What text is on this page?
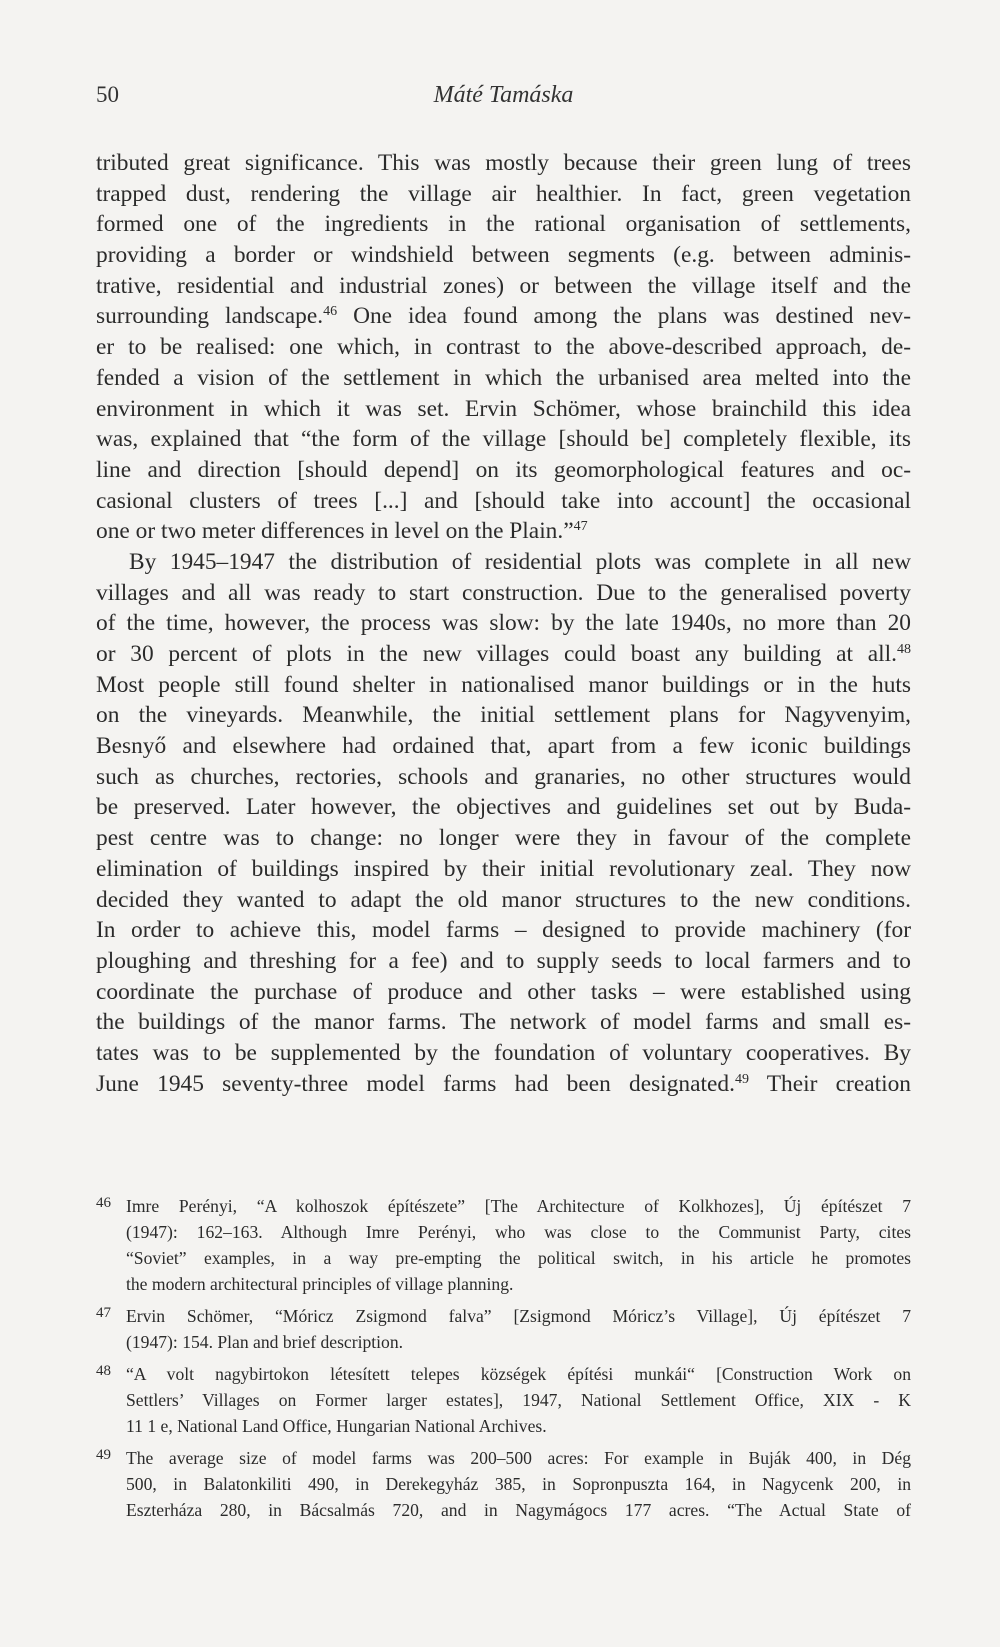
50	Máté Tamáska
tributed great significance. This was mostly because their green lung of trees
trapped dust, rendering the village air healthier. In fact, green vegetation
formed one of the ingredients in the rational organisation of settlements,
providing a border or windshield between segments (e.g. between adminis-
trative, residential and industrial zones) or between the village itself and the
surrounding landscape.$^{46}$ One idea found among the plans was destined nev-
er to be realised: one which, in contrast to the above-described approach, de-
fended a vision of the settlement in which the urbanised area melted into the
environment in which it was set. Ervin Schömer, whose brainchild this idea
was, explained that “the form of the village [should be] completely flexible, its
line and direction [should depend] on its geomorphological features and oc-
casional clusters of trees [...] and [should take into account] the occasional
one or two meter differences in level on the Plain.”$^{47}$
By 1945–1947 the distribution of residential plots was complete in all new
villages and all was ready to start construction. Due to the generalised poverty
of the time, however, the process was slow: by the late 1940s, no more than 20
or 30 percent of plots in the new villages could boast any building at all.$^{48}$
Most people still found shelter in nationalised manor buildings or in the huts
on the vineyards. Meanwhile, the initial settlement plans for Nagyvenyim,
Besnyő and elsewhere had ordained that, apart from a few iconic buildings
such as churches, rectories, schools and granaries, no other structures would
be preserved. Later however, the objectives and guidelines set out by Buda-
pest centre was to change: no longer were they in favour of the complete
elimination of buildings inspired by their initial revolutionary zeal. They now
decided they wanted to adapt the old manor structures to the new conditions.
In order to achieve this, model farms – designed to provide machinery (for
ploughing and threshing for a fee) and to supply seeds to local farmers and to
coordinate the purchase of produce and other tasks – were established using
the buildings of the manor farms. The network of model farms and small es-
tates was to be supplemented by the foundation of voluntary cooperatives. By
June 1945 seventy-three model farms had been designated.$^{49}$ Their creation
46 Imre Perényi, “A kolhoszok építészete” [The Architecture of Kolkhozes], Új építészet 7
(1947): 162–163. Although Imre Perényi, who was close to the Communist Party, cites
“Soviet” examples, in a way pre-empting the political switch, in his article he promotes
the modern architectural principles of village planning.
47 Ervin Schömer, “Móricz Zsigmond falva” [Zsigmond Móricz’s Village], Új építészet 7
(1947): 154. Plan and brief description.
48 “A volt nagybirtokon létesített telepes községek építési munkái“ [Construction Work on
Settlers’ Villages on Former larger estates], 1947, National Settlement Office, XIX - K
11 1 e, National Land Office, Hungarian National Archives.
49 The average size of model farms was 200–500 acres: For example in Buják 400, in Dég
500, in Balatonkiliti 490, in Derekegyház 385, in Sopronpuszta 164, in Nagycenk 200, in
Eszterháza 280, in Bácsalmás 720, and in Nagymágocs 177 acres. “The Actual State of
